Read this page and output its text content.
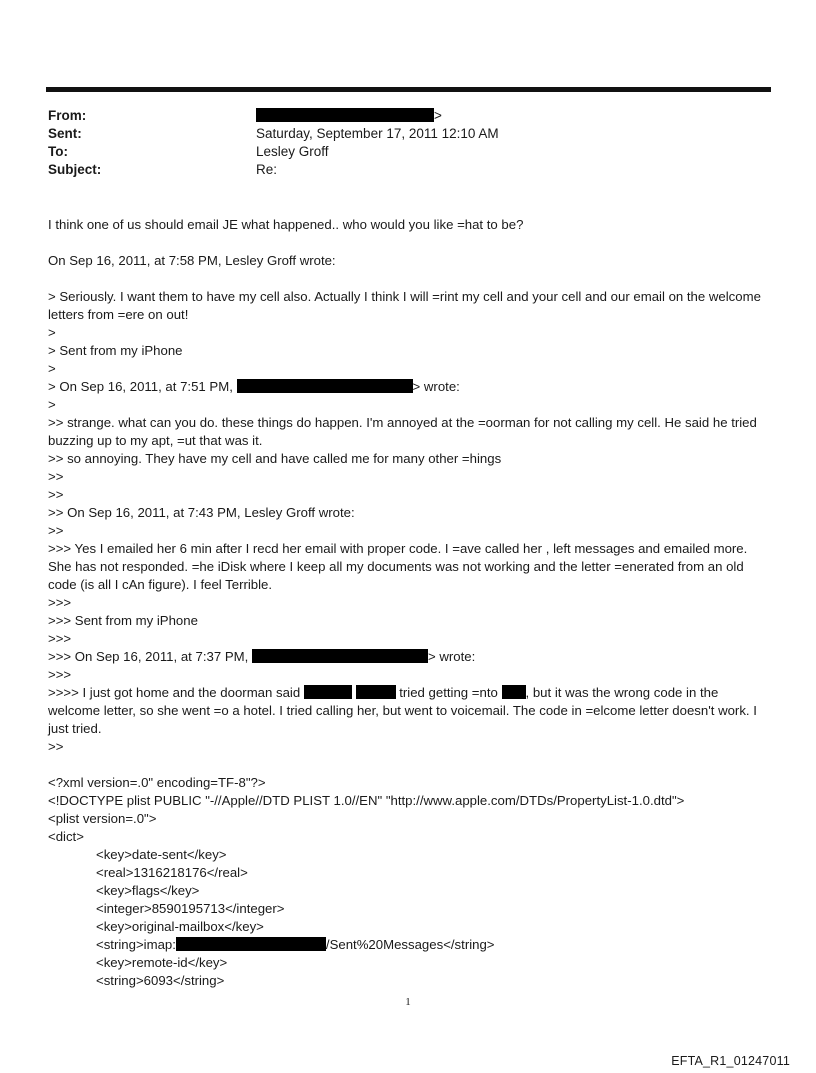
From:	>
Sent:	Saturday, September 17, 2011 12:10 AM
To:	Lesley Groff
Subject:	Re:
I think one of us should email JE what happened.. who would you like =hat to be?
On Sep 16, 2011, at 7:58 PM, Lesley Groff wrote:
> Seriously. I want them to have my cell also. Actually I think I will =rint my cell and your cell and our email on the welcome letters from =ere on out!
>
> Sent from my iPhone
>
> On Sep 16, 2011, at 7:51 PM,	> wrote:
>
>> strange. what can you do. these things do happen. I'm annoyed at the =oorman for not calling my cell. He said he tried buzzing up to my apt, =ut that was it.
>> so annoying. They have my cell and have called me for many other =hings
>>
>>
>> On Sep 16, 2011, at 7:43 PM, Lesley Groff wrote:
>>
>>> Yes I emailed her 6 min after I recd her email with proper code. I =ave called her , left messages and emailed more. She has not responded. =he iDisk where I keep all my documents was not working and the letter =enerated from an old code (is all I cAn figure). I feel Terrible.
>>>
>>> Sent from my iPhone
>>>
>>> On Sep 16, 2011, at 7:37 PM,	> wrote:
>>>
>>>> I just got home and the doorman said	tried getting =nto , but it was the wrong code in the welcome letter, so she went =o a hotel. I tried calling her, but went to voicemail. The code in =elcome letter doesn't work. I just tried.
>>
<?xml version=.0" encoding=TF-8"?>
<!DOCTYPE plist PUBLIC "-//Apple//DTD PLIST 1.0//EN" "http://www.apple.com/DTDs/PropertyList-1.0.dtd">
<plist version=.0">
<dict>
<key>date-sent</key>
<real>1316218176</real>
<key>flags</key>
<integer>8590195713</integer>
<key>original-mailbox</key>
<string>imap:	/Sent%20Messages</string>
<key>remote-id</key>
<string>6093</string>
1
EFTA_R1_01247011
